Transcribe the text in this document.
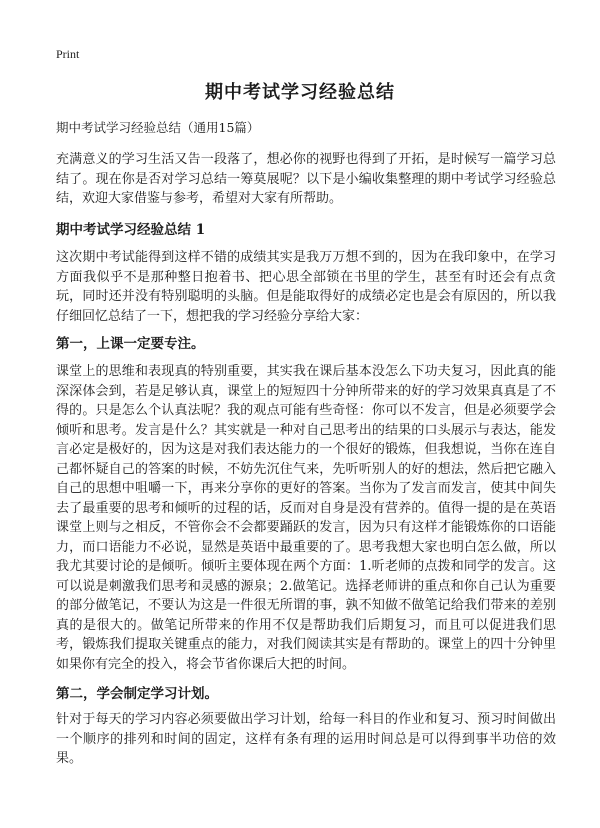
Print
期中考试学习经验总结

期中考试学习经验总结（通用15篇）

充满意义的学习生活又告一段落了，想必你的视野也得到了开拓，是时候写一篇学习总结了。现在你是否对学习总结一筹莫展呢？以下是小编收集整理的期中考试学习经验总结，欢迎大家借鉴与参考，希望对大家有所帮助。

期中考试学习经验总结 1

这次期中考试能得到这样不错的成绩其实是我万万想不到的，因为在我印象中，在学习方面我似乎不是那种整日抱着书、把心思全部锁在书里的学生，甚至有时还会有点贪玩，同时还并没有特别聪明的头脑。但是能取得好的成绩必定也是会有原因的，所以我仔细回忆总结了一下，想把我的学习经验分享给大家：

第一，上课一定要专注。

课堂上的思维和表现真的特别重要，其实我在课后基本没怎么下功夫复习，因此真的能深深体会到，若是足够认真，课堂上的短短四十分钟所带来的好的学习效果真真是了不得的。只是怎么个认真法呢？我的观点可能有些奇怪：你可以不发言，但是必须要学会倾听和思考。发言是什么？其实就是一种对自己思考出的结果的口头展示与表达，能发言必定是极好的，因为这是对我们表达能力的一个很好的锻炼，但我想说，当你在连自己都怀疑自己的答案的时候，不妨先沉住气来，先听听别人的好的想法，然后把它融入自己的思想中咀嚼一下，再来分享你的更好的答案。当你为了发言而发言，使其中间失去了最重要的思考和倾听的过程的话，反而对自身是没有营养的。值得一提的是在英语课堂上则与之相反，不管你会不会都要踊跃的发言，因为只有这样才能锻炼你的口语能力，而口语能力不必说，显然是英语中最重要的了。思考我想大家也明白怎么做，所以我尤其要讨论的是倾听。倾听主要体现在两个方面：1.听老师的点拨和同学的发言。这可以说是刺激我们思考和灵感的源泉；2.做笔记。选择老师讲的重点和你自己认为重要的部分做笔记，不要认为这是一件很无所谓的事，孰不知做不做笔记给我们带来的差别真的是很大的。做笔记所带来的作用不仅是帮助我们后期复习，而且可以促进我们思考，锻炼我们提取关键重点的能力，对我们阅读其实是有帮助的。课堂上的四十分钟里如果你有完全的投入，将会节省你课后大把的时间。

第二，学会制定学习计划。

针对于每天的学习内容必须要做出学习计划，给每一科目的作业和复习、预习时间做出一个顺序的排列和时间的固定，这样有条有理的运用时间总是可以得到事半功倍的效果。
